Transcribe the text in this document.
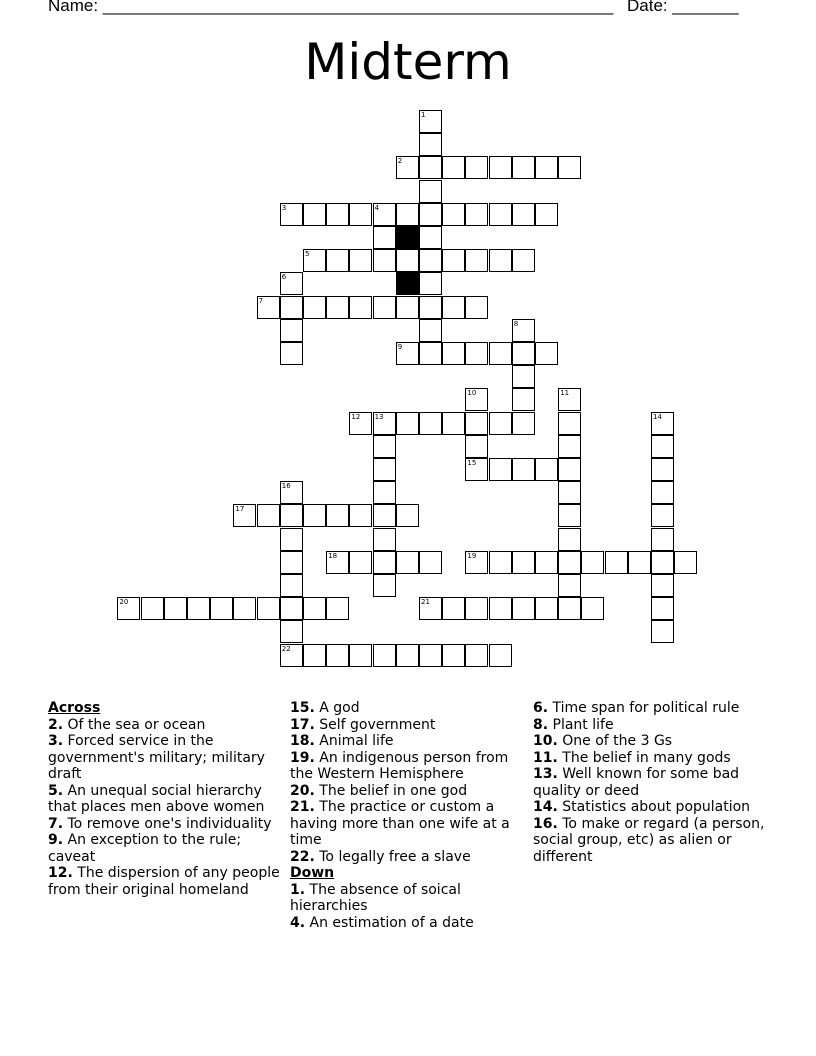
Name: ______________________________________________________ Date: _______
Midterm
1
2
3	4
5
6
7
8
9
10	11
12 13	14
15
16
17
18	19
20	21
22
Across
2. Of the sea or ocean
3. Forced service in the government's military; military draft
5. An unequal social hierarchy that places men above women
7. To remove one's individuality
9. An exception to the rule; caveat
12. The dispersion of any people from their original homeland
15. A god
17. Self government
18. Animal life
19. An indigenous person from the Western Hemisphere
20. The belief in one god
21. The practice or custom a having more than one wife at a time
22. To legally free a slave
Down
1. The absence of soical hierarchies
4. An estimation of a date
6. Time span for political rule
8. Plant life
10. One of the 3 Gs
11. The belief in many gods
13. Well known for some bad quality or deed
14. Statistics about population
16. To make or regard (a person, social group, etc) as alien or different
